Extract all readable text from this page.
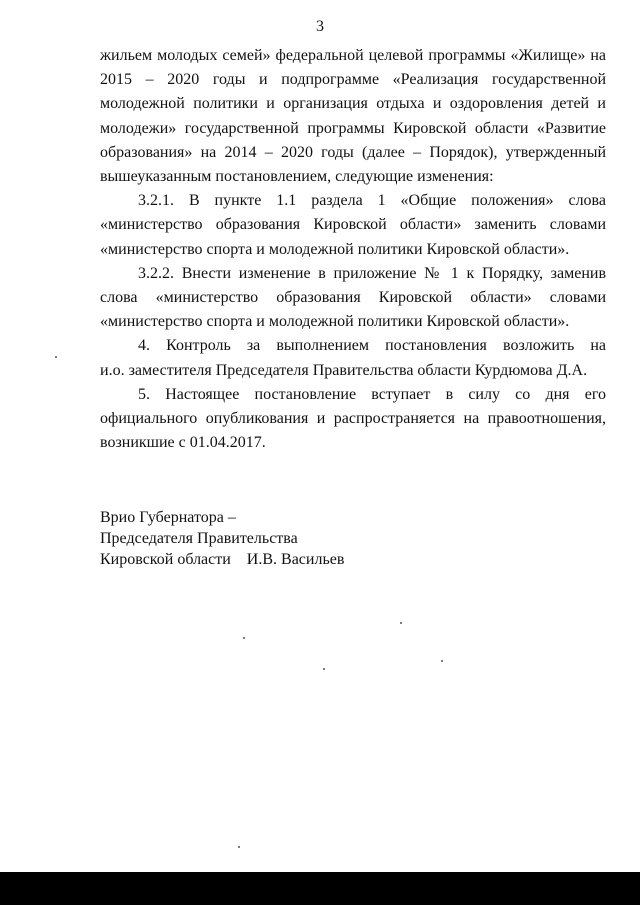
3

жильем молодых семей» федеральной целевой программы «Жилище» на 2015 – 2020 годы и подпрограмме «Реализация государственной молодежной политики и организация отдыха и оздоровления детей и молодежи» государственной программы Кировской области «Развитие образования» на 2014 – 2020 годы (далее – Порядок), утвержденный вышеуказанным постановлением, следующие изменения:

3.2.1. В пункте 1.1 раздела 1 «Общие положения» слова «министерство образования Кировской области» заменить словами «министерство спорта и молодежной политики Кировской области».

3.2.2. Внести изменение в приложение № 1 к Порядку, заменив слова «министерство образования Кировской области» словами «министерство спорта и молодежной политики Кировской области».

4. Контроль за выполнением постановления возложить на

и.о. заместителя Председателя Правительства области Курдюмова Д.А.

5. Настоящее постановление вступает в силу со дня его официального опубликования и распространяется на правоотношения, возникшие с 01.04.2017.

Врио Губернатора –
Председателя Правительства
Кировской области    И.В. Васильев
